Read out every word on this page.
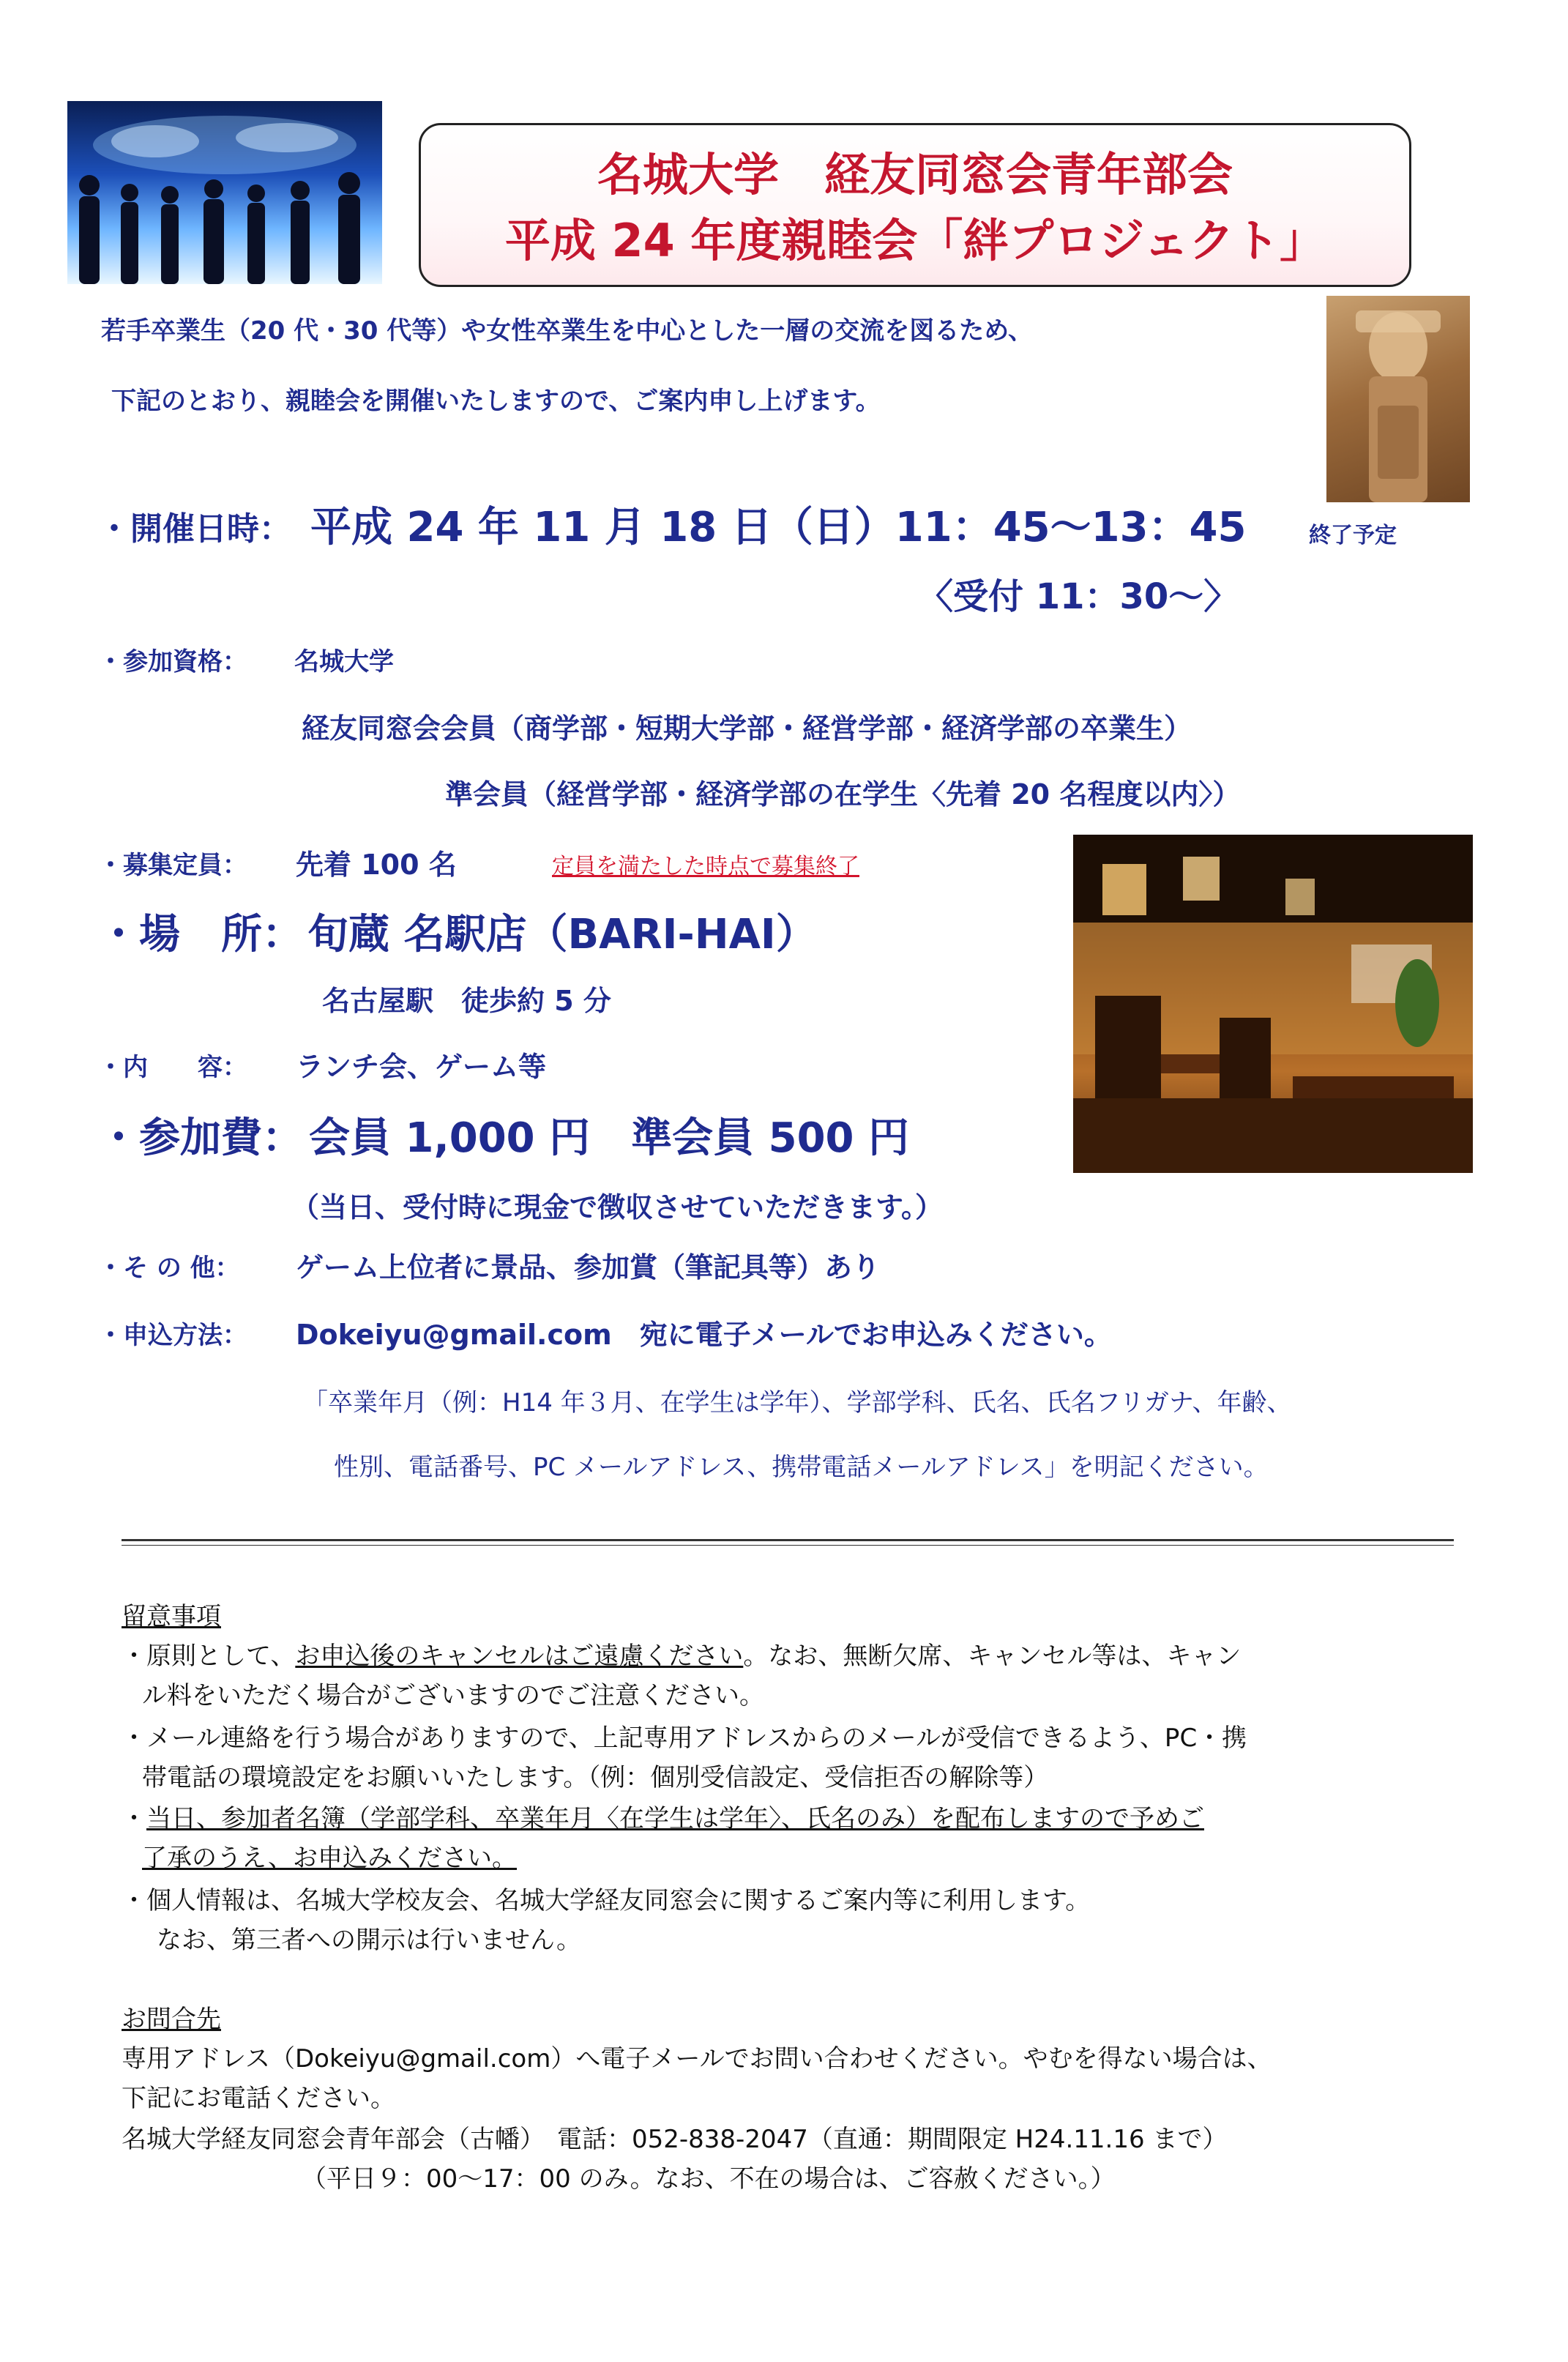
名城大学　経友同窓会青年部会
平成 24 年度親睦会「絆プロジェクト」
若手卒業生（20 代・30 代等）や女性卒業生を中心とした一層の交流を図るため、
下記のとおり、親睦会を開催いたしますので、ご案内申し上げます。
・開催日時： 平成 24 年 11 月 18 日（日）11：45～13：45	終了予定
〈受付 11：30～〉
・参加資格： 名城大学
経友同窓会会員（商学部・短期大学部・経営学部・経済学部の卒業生）
準会員（経営学部・経済学部の在学生〈先着 20 名程度以内〉）
・募集定員： 先着 100 名	定員を満たした時点で募集終了
・場　所： 旬蔵 名駅店（BARI-HAI）
名古屋駅　徒歩約 5 分
・内　　容： ランチ会、ゲーム等
・参加費： 会員 1,000 円　準会員 500 円
（当日、受付時に現金で徴収させていただきます。）
・そ の 他： ゲーム上位者に景品、参加賞（筆記具等）あり
・申込方法： Dokeiyu@gmail.com　宛に電子メールでお申込みください。
「卒業年月（例：H14 年３月、在学生は学年）、学部学科、氏名、氏名フリガナ、年齢、
性別、電話番号、PC メールアドレス、携帯電話メールアドレス」を明記ください。
留意事項
・原則として、お申込後のキャンセルはご遠慮ください。なお、無断欠席、キャンセル等は、キャン
ル料をいただく場合がございますのでご注意ください。
・メール連絡を行う場合がありますので、上記専用アドレスからのメールが受信できるよう、PC・携
帯電話の環境設定をお願いいたします。（例：個別受信設定、受信拒否の解除等）
・当日、参加者名簿（学部学科、卒業年月〈在学生は学年〉、氏名のみ）を配布しますので予めご
了承のうえ、お申込みください。
・個人情報は、名城大学校友会、名城大学経友同窓会に関するご案内等に利用します。
なお、第三者への開示は行いません。
お問合先
専用アドレス（Dokeiyu@gmail.com）へ電子メールでお問い合わせください。やむを得ない場合は、
下記にお電話ください。
名城大学経友同窓会青年部会（古幡）　電話：052-838-2047（直通：期間限定 H24.11.16 まで）
（平日９：00～17：00 のみ。なお、不在の場合は、ご容赦ください。）
